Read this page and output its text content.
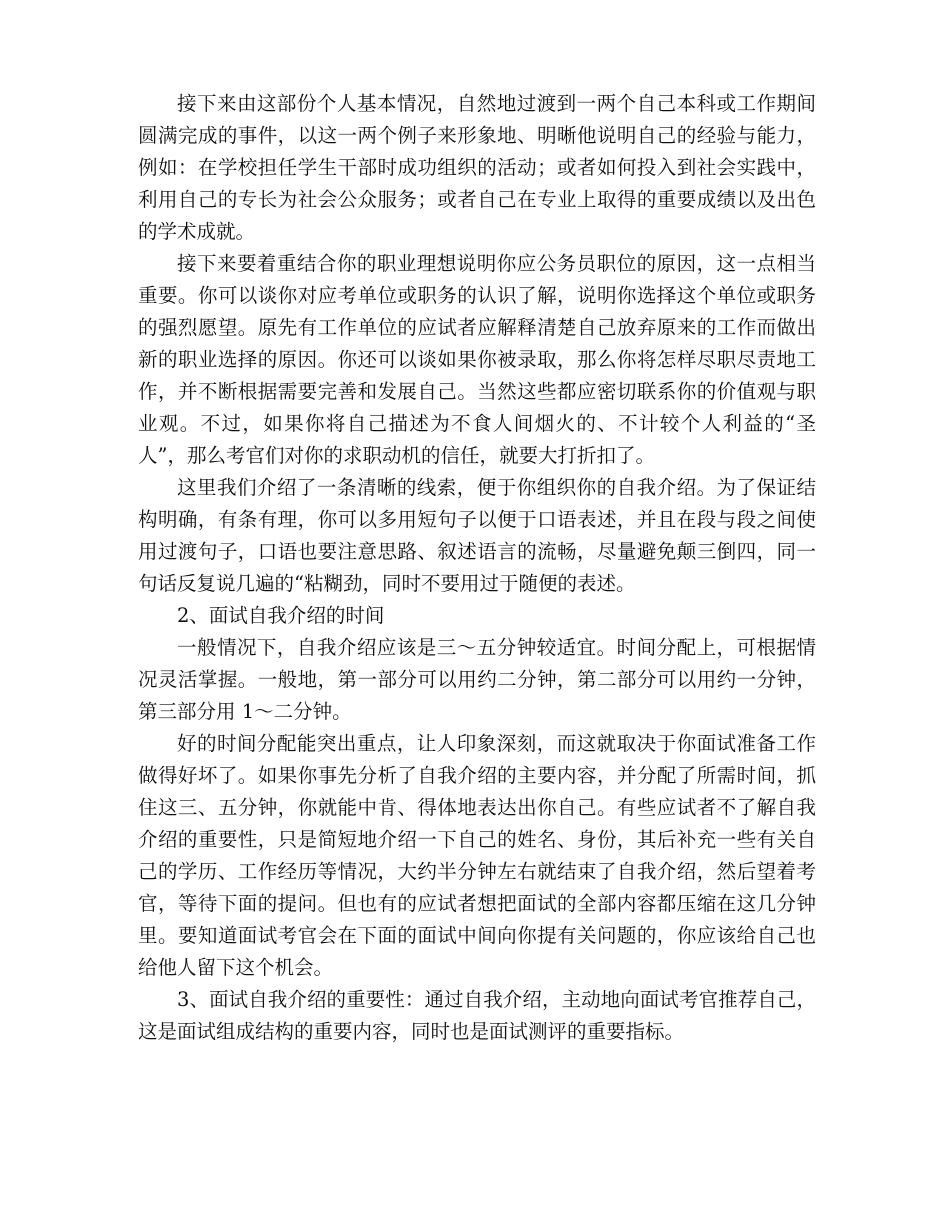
接下来由这部份个人基本情况，自然地过渡到一两个自己本科或工作期间圆满完成的事件，以这一两个例子来形象地、明晰他说明自己的经验与能力，例如：在学校担任学生干部时成功组织的活动；或者如何投入到社会实践中，利用自己的专长为社会公众服务；或者自己在专业上取得的重要成绩以及出色的学术成就。

接下来要着重结合你的职业理想说明你应公务员职位的原因，这一点相当重要。你可以谈你对应考单位或职务的认识了解，说明你选择这个单位或职务的强烈愿望。原先有工作单位的应试者应解释清楚自己放弃原来的工作而做出新的职业选择的原因。你还可以谈如果你被录取，那么你将怎样尽职尽责地工作，并不断根据需要完善和发展自己。当然这些都应密切联系你的价值观与职业观。不过，如果你将自己描述为不食人间烟火的、不计较个人利益的“圣人”，那么考官们对你的求职动机的信任，就要大打折扣了。

这里我们介绍了一条清晰的线索，便于你组织你的自我介绍。为了保证结构明确，有条有理，你可以多用短句子以便于口语表述，并且在段与段之间使用过渡句子，口语也要注意思路、叙述语言的流畅，尽量避免颠三倒四，同一句话反复说几遍的“粘糊劲，同时不要用过于随便的表述。

2、面试自我介绍的时间

一般情况下，自我介绍应该是三～五分钟较适宜。时间分配上，可根据情况灵活掌握。一般地，第一部分可以用约二分钟，第二部分可以用约一分钟，第三部分用 1～二分钟。

好的时间分配能突出重点，让人印象深刻，而这就取决于你面试准备工作做得好坏了。如果你事先分析了自我介绍的主要内容，并分配了所需时间，抓住这三、五分钟，你就能中肯、得体地表达出你自己。有些应试者不了解自我介绍的重要性，只是简短地介绍一下自己的姓名、身份，其后补充一些有关自己的学历、工作经历等情况，大约半分钟左右就结束了自我介绍，然后望着考官，等待下面的提问。但也有的应试者想把面试的全部内容都压缩在这几分钟里。要知道面试考官会在下面的面试中间向你提有关问题的，你应该给自己也给他人留下这个机会。

3、面试自我介绍的重要性：通过自我介绍，主动地向面试考官推荐自己，这是面试组成结构的重要内容，同时也是面试测评的重要指标。
